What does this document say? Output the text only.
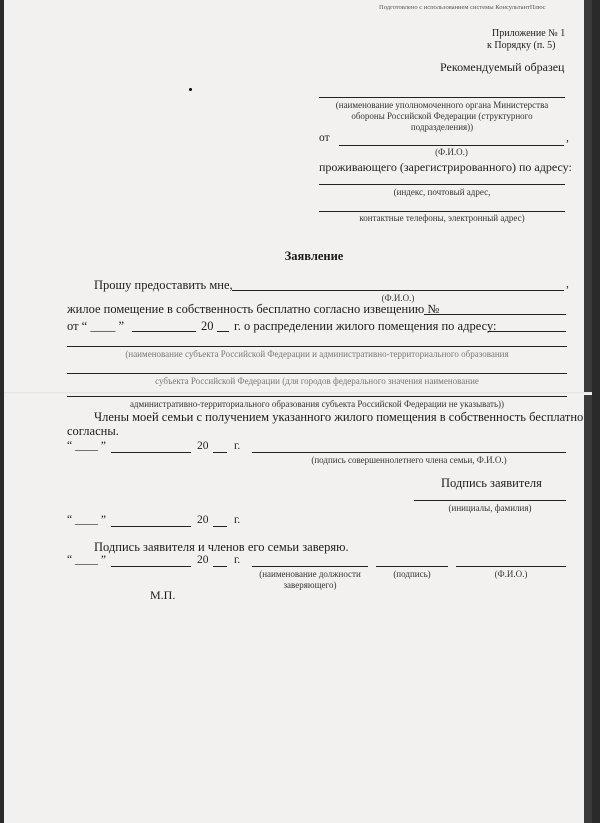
Подготовлено с использованием системы КонсультантПлюс
Приложение № 1
к Порядку (п. 5)
Рекомендуемый образец
(наименование уполномоченного органа Министерства
обороны Российской Федерации (структурного
подразделения))
от	,
(Ф.И.О.)
проживающего (зарегистрированного) по адресу:
(индекс, почтовый адрес,
контактные телефоны, электронный адрес)
Заявление
Прошу предоставить мне,	,
(Ф.И.О.)
жилое помещение в собственность бесплатно согласно извещению №
от “ ____ ”	20 г. о распределении жилого помещения по адресу:
(наименование субъекта Российской Федерации и административно-территориального образования
субъекта Российской Федерации (для городов федерального значения наименование
административно-территориального образования субъекта Российской Федерации не указывать))
Члены моей семьи с получением указанного жилого помещения в собственность бесплатно
согласны.
“ ____ ”	20 г.
(подпись совершеннолетнего члена семьи, Ф.И.О.)
Подпись заявителя
(инициалы, фамилия)
“ ____ ”	20 г.
Подпись заявителя и членов его семьи заверяю.
“ ____ ”	20 г.
(наименование должности
заверяющего)
(подпись)	(Ф.И.О.)
М.П.
